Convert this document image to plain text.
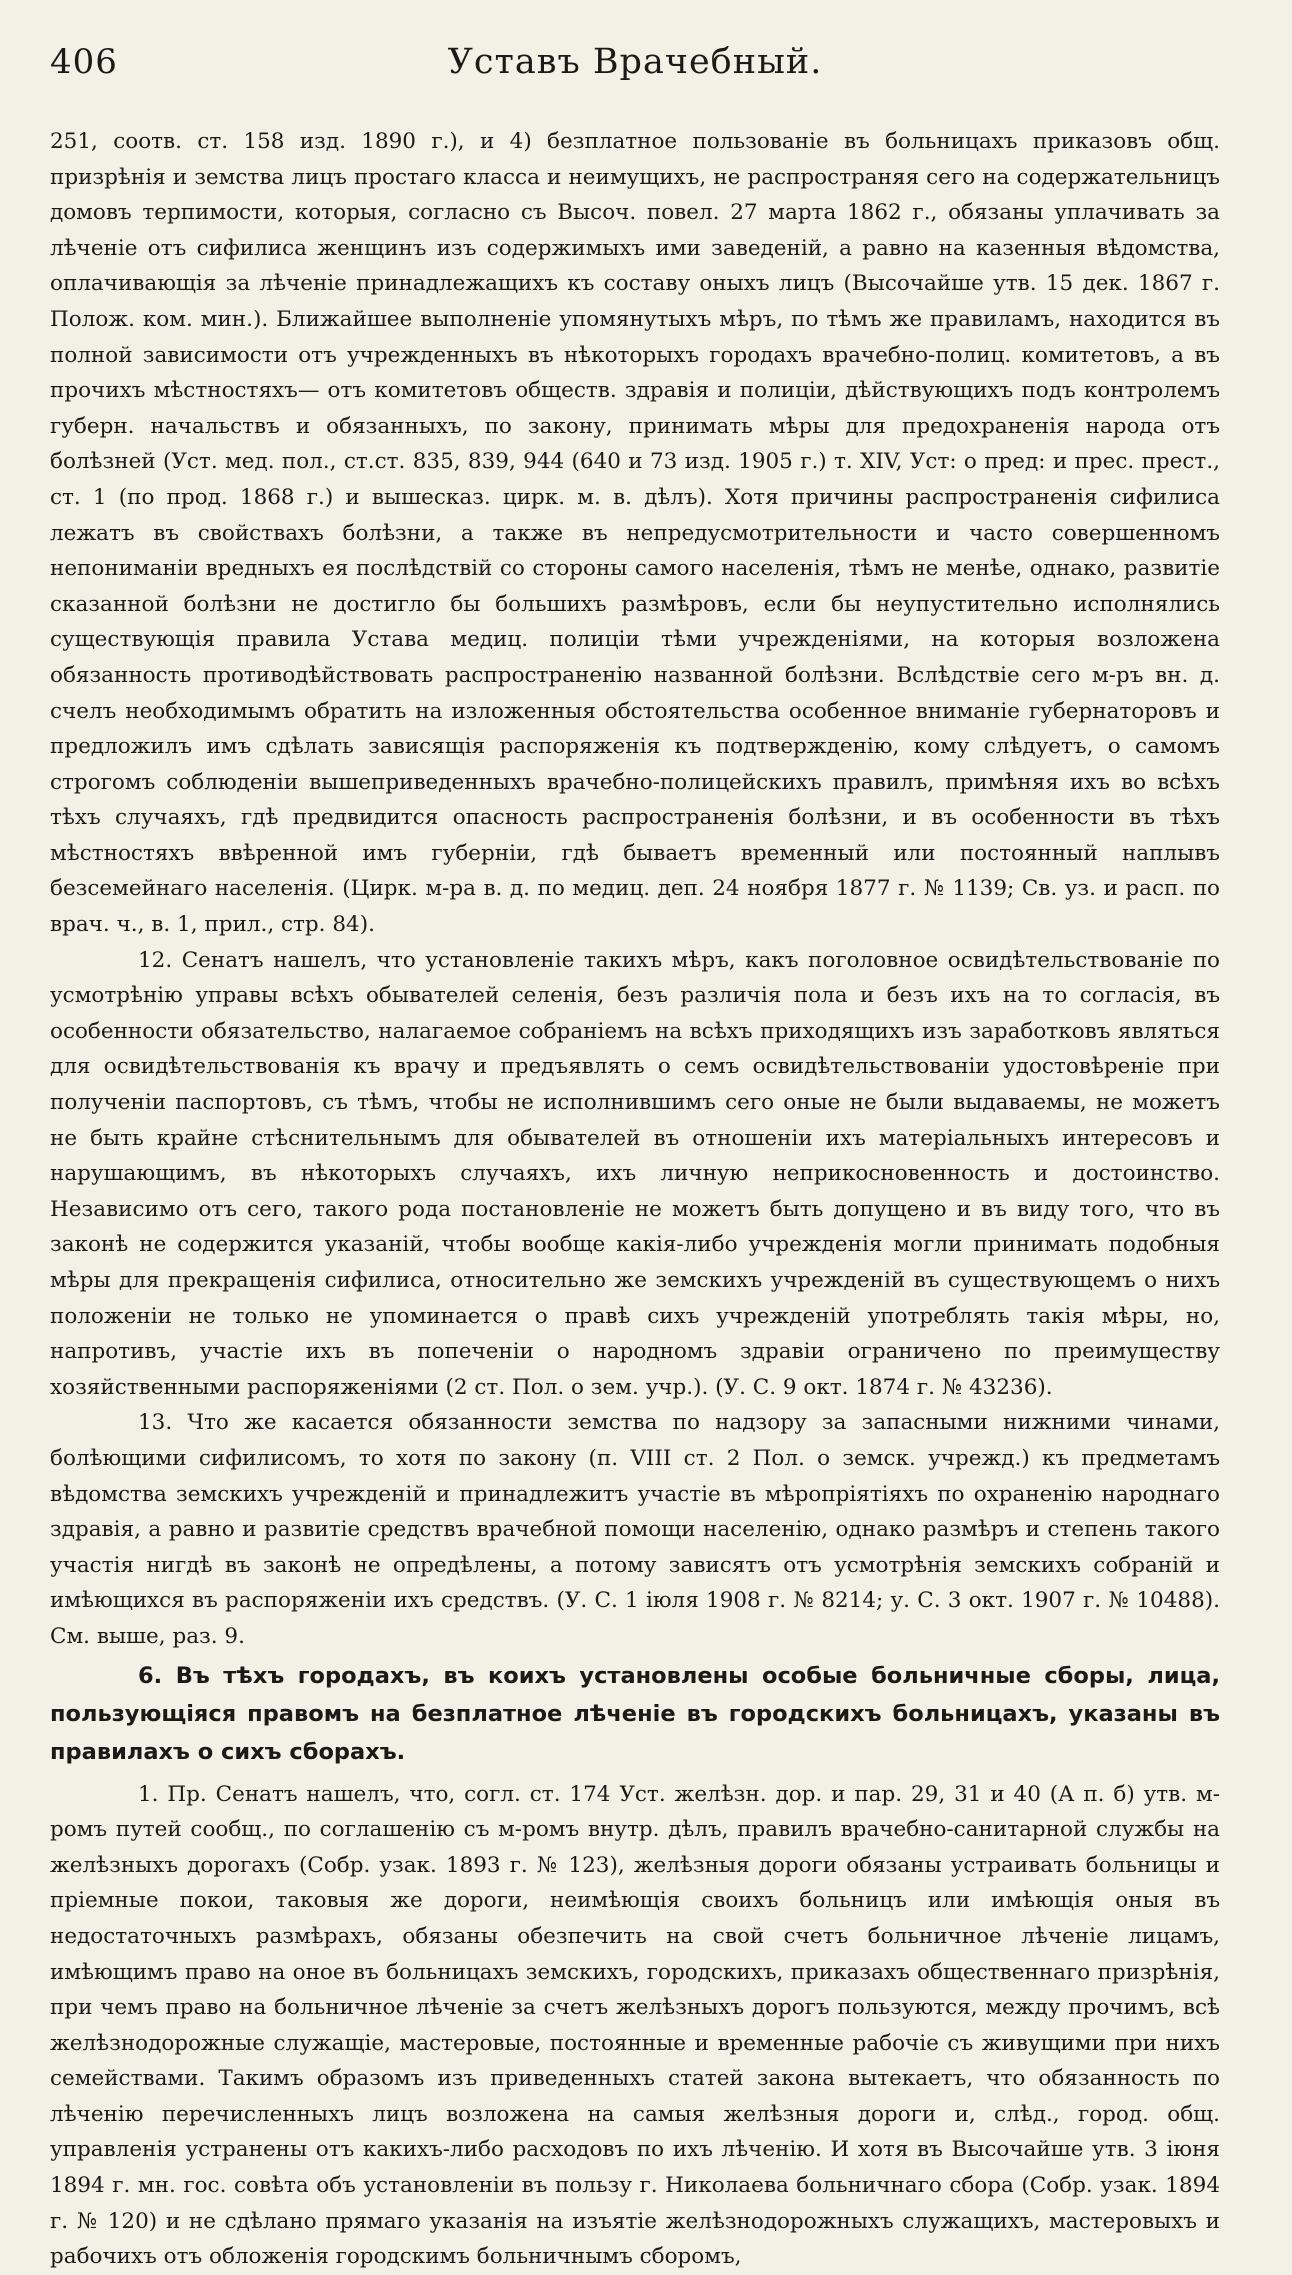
406	Уставъ Врачебный.

251, соотв. ст. 158 изд. 1890 г.), и 4) безплатное пользованіе въ больницахъ приказовъ общ. призрѣнія и земства лицъ простаго класса и неимущихъ, не распространяя сего на содержательницъ домовъ терпимости, которыя, согласно съ Высоч. повел. 27 марта 1862 г., обязаны уплачивать за лѣченіе отъ сифилиса женщинъ изъ содержимыхъ ими заведеній, а равно на казенныя вѣдомства, оплачивающія за лѣченіе принадлежащихъ къ составу оныхъ лицъ (Высочайше утв. 15 дек. 1867 г. Полож. ком. мин.). Ближайшее выполненіе упомянутыхъ мѣръ, по тѣмъ же правиламъ, находится въ полной зависимости отъ учрежденныхъ въ нѣкоторыхъ городахъ врачебно-полиц. комитетовъ, а въ прочихъ мѣстностяхъ— отъ комитетовъ обществ. здравія и полиціи, дѣйствующихъ подъ контролемъ губерн. начальствъ и обязанныхъ, по закону, принимать мѣры для предохраненія народа отъ болѣзней (Уст. мед. пол., ст.ст. 835, 839, 944 (640 и 73 изд. 1905 г.) т. XIV, Уст: о пред: и прес. прест., ст. 1 (по прод. 1868 г.) и вышесказ. цирк. м. в. дѣлъ). Хотя причины распространенія сифилиса лежатъ въ свойствахъ болѣзни, а также въ непредусмотрительности и часто совершенномъ непониманіи вредныхъ ея послѣдствій со стороны самого населенія, тѣмъ не менѣе, однако, развитіе сказанной болѣзни не достигло бы большихъ размѣровъ, если бы неупустительно исполнялись существующія правила Устава медиц. полиціи тѣми учрежденіями, на которыя возложена обязанность противодѣйствовать распространенію названной болѣзни. Вслѣдствіе сего м-ръ вн. д. счелъ необходимымъ обратить на изложенныя обстоятельства особенное вниманіе губернаторовъ и предложилъ имъ сдѣлать зависящія распоряженія къ подтвержденію, кому слѣдуетъ, о самомъ строгомъ соблюденіи вышеприведенныхъ врачебно-полицейскихъ правилъ, примѣняя ихъ во всѣхъ тѣхъ случаяхъ, гдѣ предвидится опасность распространенія болѣзни, и въ особенности въ тѣхъ мѣстностяхъ ввѣренной имъ губерніи, гдѣ бываетъ временный или постоянный наплывъ безсемейнаго населенія. (Цирк. м-ра в. д. по медиц. деп. 24 ноября 1877 г. № 1139; Св. уз. и расп. по врач. ч., в. 1, прил., стр. 84).

12. Сенатъ нашелъ, что установленіе такихъ мѣръ, какъ поголовное освидѣтельствованіе по усмотрѣнію управы всѣхъ обывателей селенія, безъ различія пола и безъ ихъ на то согласія, въ особенности обязательство, налагаемое собраніемъ на всѣхъ приходящихъ изъ заработковъ являться для освидѣтельствованія къ врачу и предъявлять о семъ освидѣтельствованіи удостовѣреніе при полученіи паспортовъ, съ тѣмъ, чтобы не исполнившимъ сего оные не были выдаваемы, не можетъ не быть крайне стѣснительнымъ для обывателей въ отношеніи ихъ матеріальныхъ интересовъ и нарушающимъ, въ нѣкоторыхъ случаяхъ, ихъ личную неприкосновенность и достоинство. Независимо отъ сего, такого рода постановленіе не можетъ быть допущено и въ виду того, что въ законѣ не содержится указаній, чтобы вообще какія-либо учрежденія могли принимать подобныя мѣры для прекращенія сифилиса, относительно же земскихъ учрежденій въ существующемъ о нихъ положеніи не только не упоминается о правѣ сихъ учрежденій употреблять такія мѣры, но, напротивъ, участіе ихъ въ попеченіи о народномъ здравіи ограничено по преимуществу хозяйственными распоряженіями (2 ст. Пол. о зем. учр.). (У. С. 9 окт. 1874 г. № 43236).

13. Что же касается обязанности земства по надзору за запасными нижними чинами, болѣющими сифилисомъ, то хотя по закону (п. VIII ст. 2 Пол. о земск. учрежд.) къ предметамъ вѣдомства земскихъ учрежденій и принадлежитъ участіе въ мѣропріятіяхъ по охраненію народнаго здравія, а равно и развитіе средствъ врачебной помощи населенію, однако размѣръ и степень такого участія нигдѣ въ законѣ не опредѣлены, а потому зависятъ отъ усмотрѣнія земскихъ собраній и имѣющихся въ распоряженіи ихъ средствъ. (У. С. 1 іюля 1908 г. № 8214; у. С. 3 окт. 1907 г. № 10488). См. выше, раз. 9.

6. Въ тѣхъ городахъ, въ коихъ установлены особые больничные сборы, лица, пользующіяся правомъ на безплатное лѣченіе въ городскихъ больницахъ, указаны въ правилахъ о сихъ сборахъ.

1. Пр. Сенатъ нашелъ, что, согл. ст. 174 Уст. желѣзн. дор. и пар. 29, 31 и 40 (А п. б) утв. м-ромъ путей сообщ., по соглашенію съ м-ромъ внутр. дѣлъ, правилъ врачебно-санитарной службы на желѣзныхъ дорогахъ (Собр. узак. 1893 г. № 123), желѣзныя дороги обязаны устраивать больницы и пріемные покои, таковыя же дороги, неимѣющія своихъ больницъ или имѣющія оныя въ недостаточныхъ размѣрахъ, обязаны обезпечить на свой счетъ больничное лѣченіе лицамъ, имѣющимъ право на оное въ больницахъ земскихъ, городскихъ, приказахъ общественнаго призрѣнія, при чемъ право на больничное лѣченіе за счетъ желѣзныхъ дорогъ пользуются, между прочимъ, всѣ желѣзнодорожные служащіе, мастеровые, постоянные и временные рабочіе съ живущими при нихъ семействами. Такимъ образомъ изъ приведенныхъ статей закона вытекаетъ, что обязанность по лѣченію перечисленныхъ лицъ возложена на самыя желѣзныя дороги и, слѣд., город. общ. управленія устранены отъ какихъ-либо расходовъ по ихъ лѣченію. И хотя въ Высочайше утв. 3 іюня 1894 г. мн. гос. совѣта объ установленіи въ пользу г. Николаева больничнаго сбора (Собр. узак. 1894 г. № 120) и не сдѣлано прямаго указанія на изъятіе желѣзнодорожныхъ служащихъ, мастеровыхъ и рабочихъ отъ обложенія городскимъ больничнымъ сборомъ,
